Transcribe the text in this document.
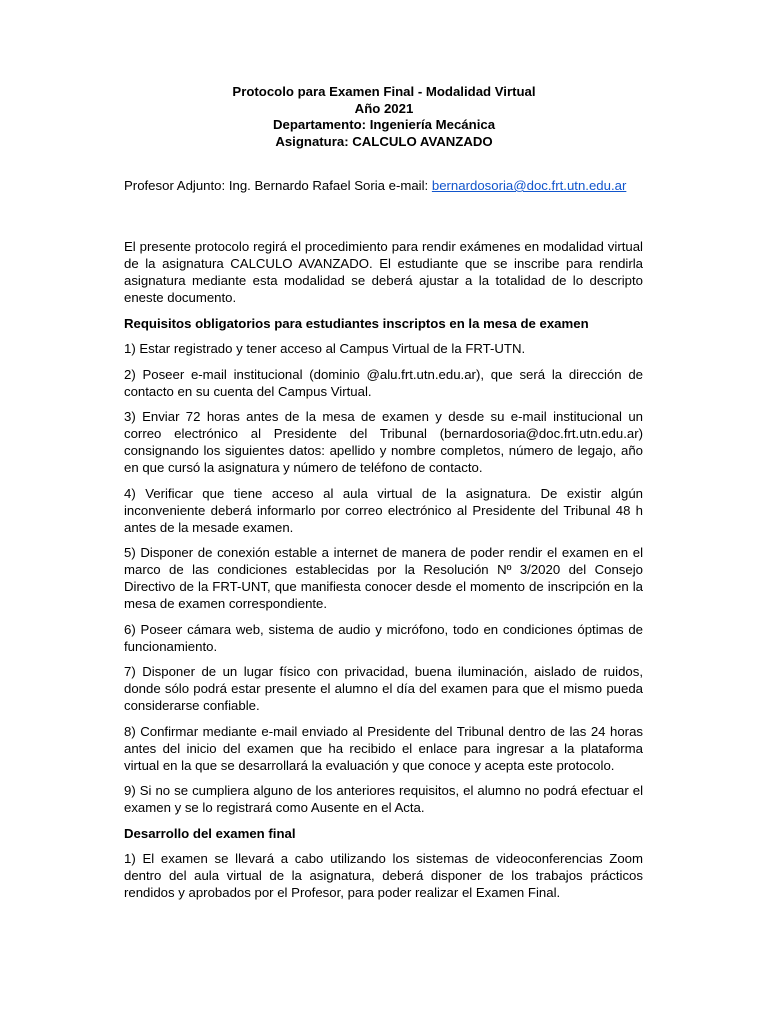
Protocolo para Examen Final - Modalidad Virtual
Año 2021
Departamento: Ingeniería Mecánica
Asignatura: CALCULO AVANZADO
Profesor Adjunto: Ing. Bernardo Rafael Soria e-mail: bernardosoria@doc.frt.utn.edu.ar

El presente protocolo regirá el procedimiento para rendir exámenes en modalidad virtual de la asignatura CALCULO AVANZADO. El estudiante que se inscribe para rendirla asignatura mediante esta modalidad se deberá ajustar a la totalidad de lo descripto eneste documento.

Requisitos obligatorios para estudiantes inscriptos en la mesa de examen

1) Estar registrado y tener acceso al Campus Virtual de la FRT-UTN.

2) Poseer e-mail institucional (dominio @alu.frt.utn.edu.ar), que será la dirección de contacto en su cuenta del Campus Virtual.

3) Enviar 72 horas antes de la mesa de examen y desde su e-mail institucional un correo electrónico al Presidente del Tribunal (bernardosoria@doc.frt.utn.edu.ar) consignando los siguientes datos: apellido y nombre completos, número de legajo, año en que cursó la asignatura y número de teléfono de contacto.

4) Verificar que tiene acceso al aula virtual de la asignatura. De existir algún inconveniente deberá informarlo por correo electrónico al Presidente del Tribunal 48 h antes de la mesade examen.

5) Disponer de conexión estable a internet de manera de poder rendir el examen en el marco de las condiciones establecidas por la Resolución Nº 3/2020 del Consejo Directivo de la FRT-UNT, que manifiesta conocer desde el momento de inscripción en la mesa de examen correspondiente.

6) Poseer cámara web, sistema de audio y micrófono, todo en condiciones óptimas de funcionamiento.

7) Disponer de un lugar físico con privacidad, buena iluminación, aislado de ruidos, donde sólo podrá estar presente el alumno el día del examen para que el mismo pueda considerarse confiable.

8) Confirmar mediante e-mail enviado al Presidente del Tribunal dentro de las 24 horas antes del inicio del examen que ha recibido el enlace para ingresar a la plataforma virtual en la que se desarrollará la evaluación y que conoce y acepta este protocolo.

9) Si no se cumpliera alguno de los anteriores requisitos, el alumno no podrá efectuar el examen y se lo registrará como Ausente en el Acta.

Desarrollo del examen final

1) El examen se llevará a cabo utilizando los sistemas de videoconferencias Zoom dentro del aula virtual de la asignatura, deberá disponer de los trabajos prácticos rendidos y aprobados por el Profesor, para poder realizar el Examen Final.
